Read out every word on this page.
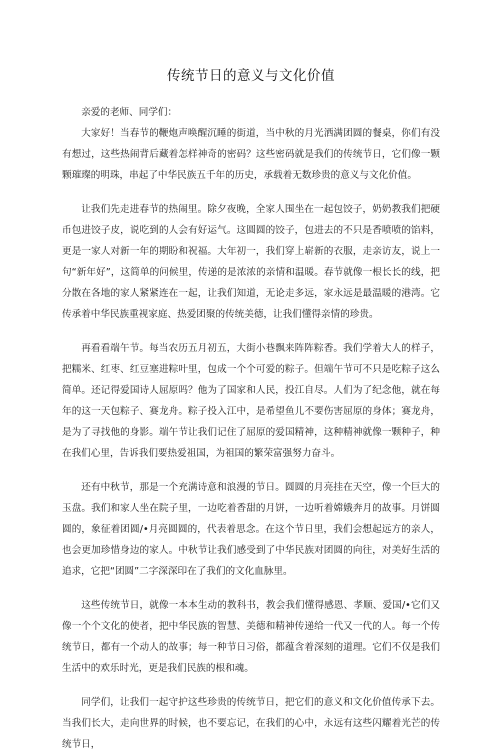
传统节日的意义与文化价值

亲爱的老师、同学们：

大家好！当春节的鞭炮声唤醒沉睡的街道，当中秋的月光洒满团圆的餐桌，你们有没有想过，这些热闹背后藏着怎样神奇的密码？这些密码就是我们的传统节日，它们像一颗颗璀璨的明珠，串起了中华民族五千年的历史，承载着无数珍贵的意义与文化价值。

让我们先走进春节的热闹里。除夕夜晚，全家人围坐在一起包饺子，奶奶教我们把硬币包进饺子皮，说吃到的人会有好运气。这圆圆的饺子，包进去的不只是香喷喷的馅料，更是一家人对新一年的期盼和祝福。大年初一，我们穿上崭新的衣服，走亲访友，说上一句“新年好”，这简单的问候里，传递的是浓浓的亲情和温暖。春节就像一根长长的线，把分散在各地的家人紧紧连在一起，让我们知道，无论走多远，家永远是最温暖的港湾。它传承着中华民族重视家庭、热爱团聚的传统美德，让我们懂得亲情的珍贵。

再看看端午节。每当农历五月初五，大街小巷飘来阵阵粽香。我们学着大人的样子，把糯米、红枣、红豆塞进粽叶里，包成一个个可爱的粽子。但端午节可不只是吃粽子这么简单。还记得爱国诗人屈原吗？他为了国家和人民，投江自尽。人们为了纪念他，就在每年的这一天包粽子、赛龙舟。粽子投入江中，是希望鱼儿不要伤害屈原的身体；赛龙舟，是为了寻找他的身影。端午节让我们记住了屈原的爱国精神，这种精神就像一颗种子，种在我们心里，告诉我们要热爱祖国，为祖国的繁荣富强努力奋斗。

还有中秋节，那是一个充满诗意和浪漫的节日。圆圆的月亮挂在天空，像一个巨大的玉盘。我们和家人坐在院子里，一边吃着香甜的月饼，一边听着嫦娥奔月的故事。月饼圆圆的，象征着团圆/•月亮圆圆的，代表着思念。在这个节日里，我们会想起远方的亲人，也会更加珍惜身边的家人。中秋节让我们感受到了中华民族对团圆的向往，对美好生活的追求，它把“团圆”二字深深印在了我们的文化血脉里。

这些传统节日，就像一本本生动的教科书，教会我们懂得感恩、孝顺、爱国/•它们又像一个个文化的使者，把中华民族的智慧、美德和精神传递给一代又一代的人。每一个传统节日，都有一个动人的故事；每一种节日习俗，都蕴含着深刻的道理。它们不仅是我们生活中的欢乐时光，更是我们民族的根和魂。

同学们，让我们一起守护这些珍贵的传统节日，把它们的意义和文化价值传承下去。当我们长大，走向世界的时候，也不要忘记，在我们的心中，永远有这些闪耀着光芒的传统节日，
